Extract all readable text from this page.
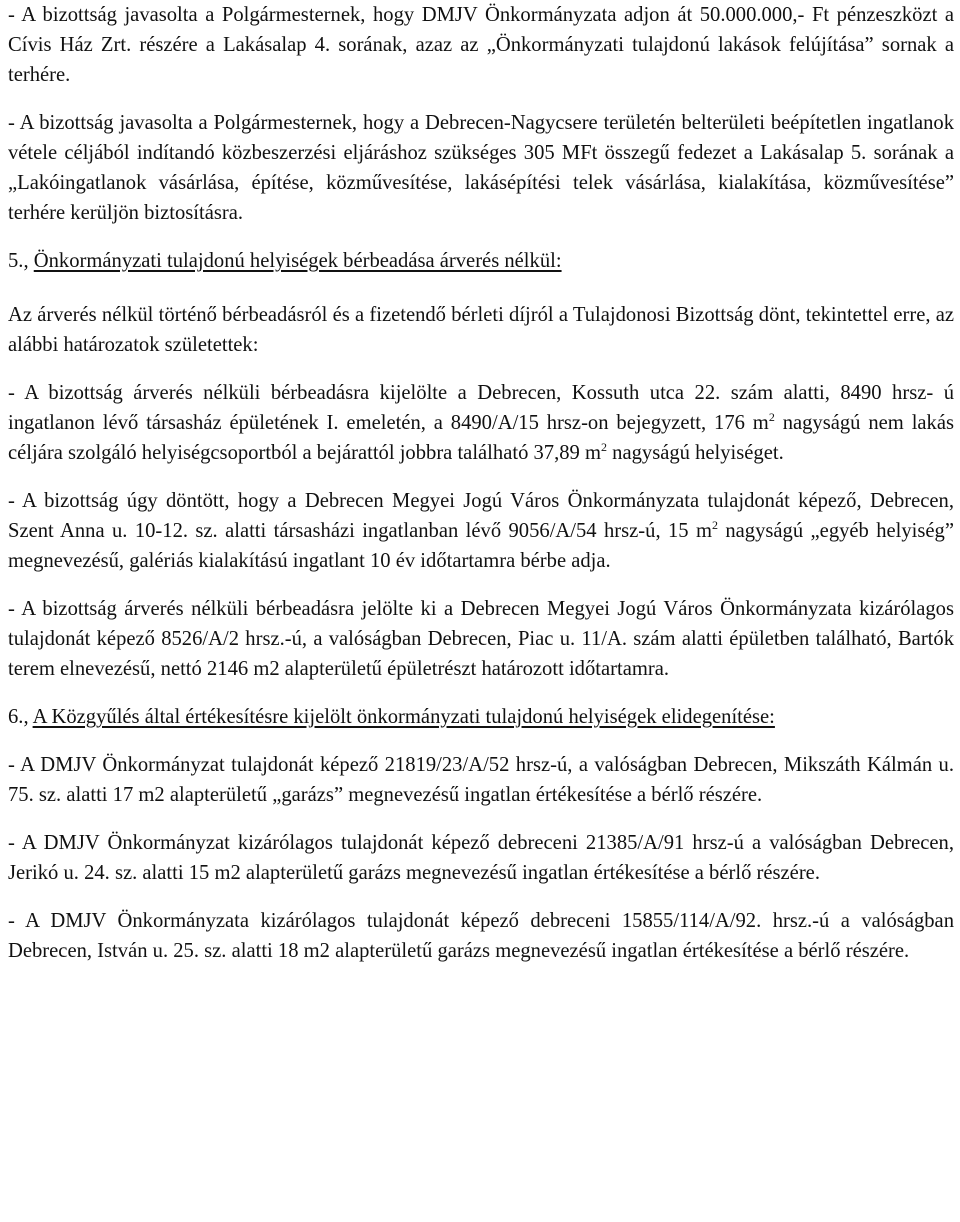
- A bizottság javasolta a Polgármesternek, hogy DMJV Önkormányzata adjon át 50.000.000,- Ft pénzeszközt a Cívis Ház Zrt. részére a Lakásalap 4. sorának, azaz az „Önkormányzati tulajdonú lakások felújítása” sornak a terhére.

- A bizottság javasolta a Polgármesternek, hogy a Debrecen-Nagycsere területén belterületi beépítetlen ingatlanok vétele céljából indítandó közbeszerzési eljáráshoz szükséges 305 MFt összegű fedezet a Lakásalap 5. sorának a „Lakóingatlanok vásárlása, építése, közművesítése, lakásépítési telek vásárlása, kialakítása, közművesítése” terhére kerüljön biztosításra.

5., Önkormányzati tulajdonú helyiségek bérbeadása árverés nélkül:

Az árverés nélkül történő bérbeadásról és a fizetendő bérleti díjról a Tulajdonosi Bizottság dönt, tekintettel erre, az alábbi határozatok születettek:

- A bizottság árverés nélküli bérbeadásra kijelölte a Debrecen, Kossuth utca 22. szám alatti, 8490 hrsz- ú ingatlanon lévő társasház épületének I. emeletén, a 8490/A/15 hrsz-on bejegyzett, 176 $m^2$ nagyságú nem lakás céljára szolgáló helyiségcsoportból a bejárattól jobbra található 37,89 $m^2$ nagyságú helyiséget.

- A bizottság úgy döntött, hogy a Debrecen Megyei Jogú Város Önkormányzata tulajdonát képező, Debrecen, Szent Anna u. 10-12. sz. alatti társasházi ingatlanban lévő 9056/A/54 hrsz-ú, 15 $m^2$ nagyságú „egyéb helyiség” megnevezésű, galériás kialakítású ingatlant 10 év időtartamra bérbe adja.

- A bizottság árverés nélküli bérbeadásra jelölte ki a Debrecen Megyei Jogú Város Önkormányzata kizárólagos tulajdonát képező 8526/A/2 hrsz.-ú, a valóságban Debrecen, Piac u. 11/A. szám alatti épületben található, Bartók terem elnevezésű, nettó 2146 m2 alapterületű épületrészt határozott időtartamra.

6., A Közgyűlés által értékesítésre kijelölt önkormányzati tulajdonú helyiségek elidegenítése:

- A DMJV Önkormányzat tulajdonát képező 21819/23/A/52 hrsz-ú, a valóságban Debrecen, Mikszáth Kálmán u. 75. sz. alatti 17 m2 alapterületű „garázs” megnevezésű ingatlan értékesítése a bérlő részére.

- A DMJV Önkormányzat kizárólagos tulajdonát képező debreceni 21385/A/91 hrsz-ú a valóságban Debrecen, Jerikó u. 24. sz. alatti 15 m2 alapterületű garázs megnevezésű ingatlan értékesítése a bérlő részére.

- A DMJV Önkormányzata kizárólagos tulajdonát képező debreceni 15855/114/A/92. hrsz.-ú a valóságban Debrecen, István u. 25. sz. alatti 18 m2 alapterületű garázs megnevezésű ingatlan értékesítése a bérlő részére.
